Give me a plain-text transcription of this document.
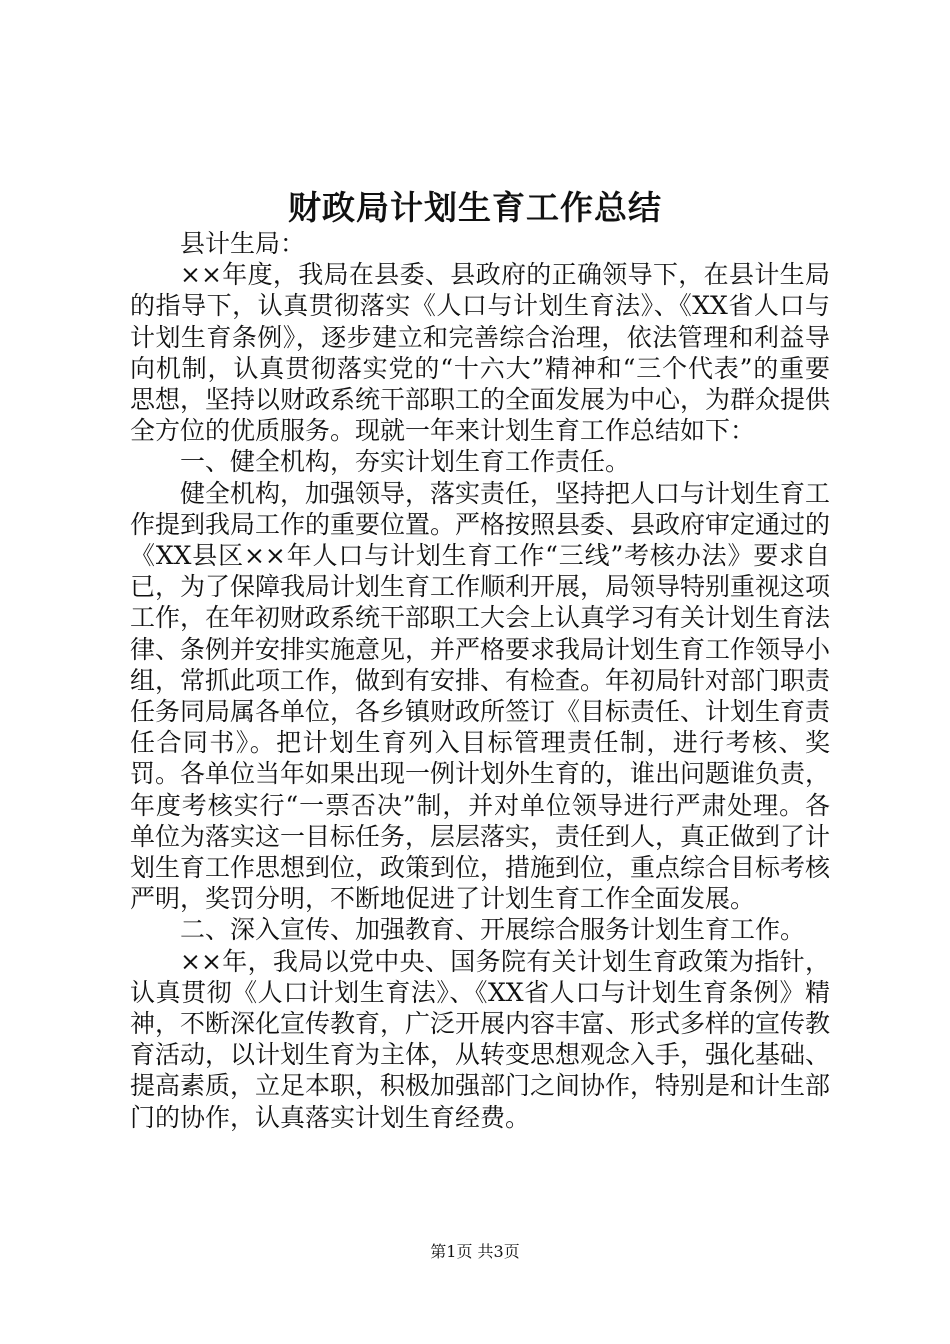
财政局计划生育工作总结

县计生局：

××年度，我局在县委、县政府的正确领导下，在县计生局的指导下，认真贯彻落实《人口与计划生育法》、《XX省人口与计划生育条例》，逐步建立和完善综合治理，依法管理和利益导向机制，认真贯彻落实党的“十六大”精神和“三个代表”的重要思想，坚持以财政系统干部职工的全面发展为中心，为群众提供全方位的优质服务。现就一年来计划生育工作总结如下：

一、健全机构，夯实计划生育工作责任。

健全机构，加强领导，落实责任，坚持把人口与计划生育工作提到我局工作的重要位置。严格按照县委、县政府审定通过的《XX县区××年人口与计划生育工作“三线”考核办法》要求自已，为了保障我局计划生育工作顺利开展，局领导特别重视这项工作，在年初财政系统干部职工大会上认真学习有关计划生育法律、条例并安排实施意见，并严格要求我局计划生育工作领导小组，常抓此项工作，做到有安排、有检查。年初局针对部门职责任务同局属各单位，各乡镇财政所签订《目标责任、计划生育责任合同书》。把计划生育列入目标管理责任制，进行考核、奖罚。各单位当年如果出现一例计划外生育的，谁出问题谁负责，年度考核实行“一票否决”制，并对单位领导进行严肃处理。各单位为落实这一目标任务，层层落实，责任到人，真正做到了计划生育工作思想到位，政策到位，措施到位，重点综合目标考核严明，奖罚分明，不断地促进了计划生育工作全面发展。

二、深入宣传、加强教育、开展综合服务计划生育工作。

××年，我局以党中央、国务院有关计划生育政策为指针，认真贯彻《人口计划生育法》、《XX省人口与计划生育条例》精神，不断深化宣传教育，广泛开展内容丰富、形式多样的宣传教育活动，以计划生育为主体，从转变思想观念入手，强化基础、提高素质，立足本职，积极加强部门之间协作，特别是和计生部门的协作，认真落实计划生育经费。

第1页 共3页
